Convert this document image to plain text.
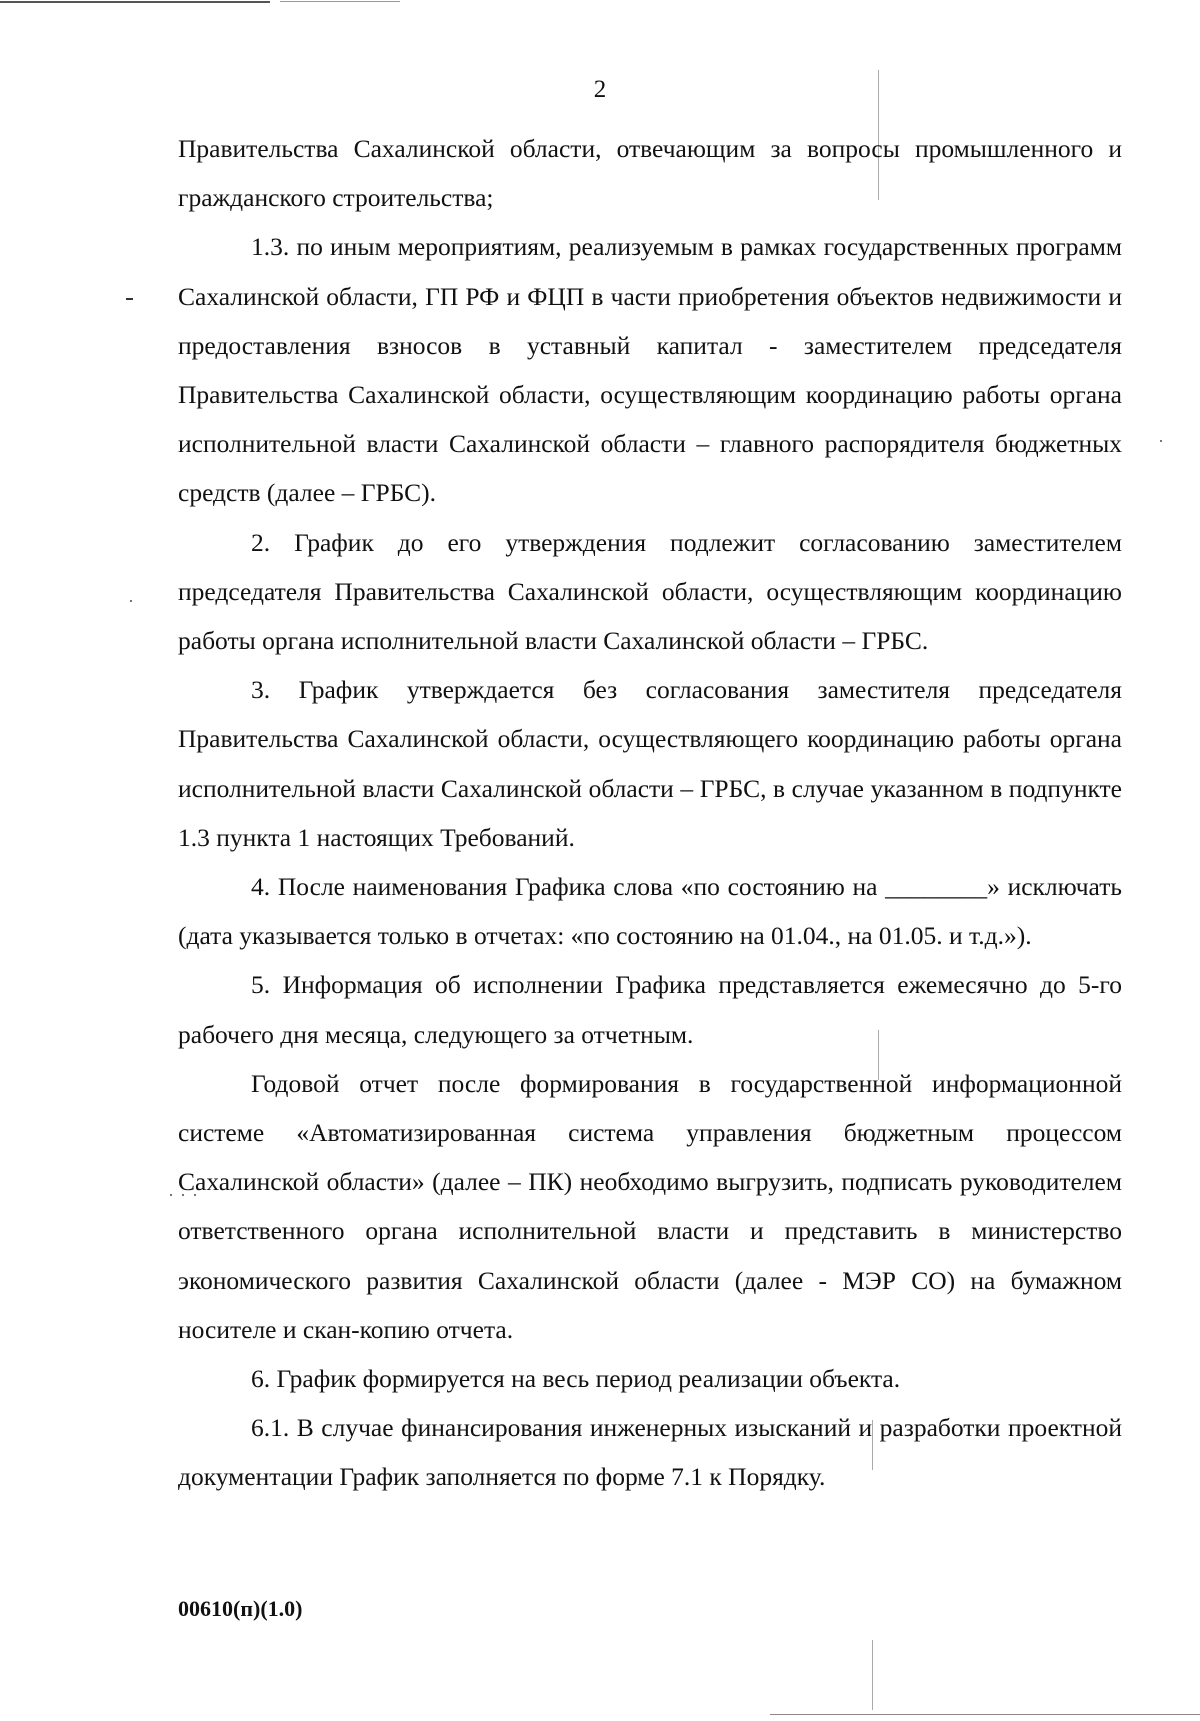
2

Правительства Сахалинской области, отвечающим за вопросы промышленного и гражданского строительства;

1.3. по иным мероприятиям, реализуемым в рамках государственных программ Сахалинской области, ГП РФ и ФЦП в части приобретения объектов недвижимости и предоставления взносов в уставный капитал - заместителем председателя Правительства Сахалинской области, осуществляющим координацию работы органа исполнительной власти Сахалинской области – главного распорядителя бюджетных средств (далее – ГРБС).

2. График до его утверждения подлежит согласованию заместителем председателя Правительства Сахалинской области, осуществляющим координацию работы органа исполнительной власти Сахалинской области – ГРБС.

3. График утверждается без согласования заместителя председателя Правительства Сахалинской области, осуществляющего координацию работы органа исполнительной власти Сахалинской области – ГРБС, в случае указанном в подпункте 1.3 пункта 1 настоящих Требований.

4. После наименования Графика слова «по состоянию на ________» исключать (дата указывается только в отчетах: «по состоянию на 01.04., на 01.05. и т.д.»).

5. Информация об исполнении Графика представляется ежемесячно до 5-го рабочего дня месяца, следующего за отчетным.

Годовой отчет после формирования в государственной информационной системе «Автоматизированная система управления бюджетным процессом Сахалинской области» (далее – ПК) необходимо выгрузить, подписать руководителем ответственного органа исполнительной власти и представить в министерство экономического развития Сахалинской области (далее - МЭР СО) на бумажном носителе и скан-копию отчета.

6. График формируется на весь период реализации объекта.

6.1. В случае финансирования инженерных изысканий и разработки проектной документации График заполняется по форме 7.1 к Порядку.

00610(п)(1.0)
